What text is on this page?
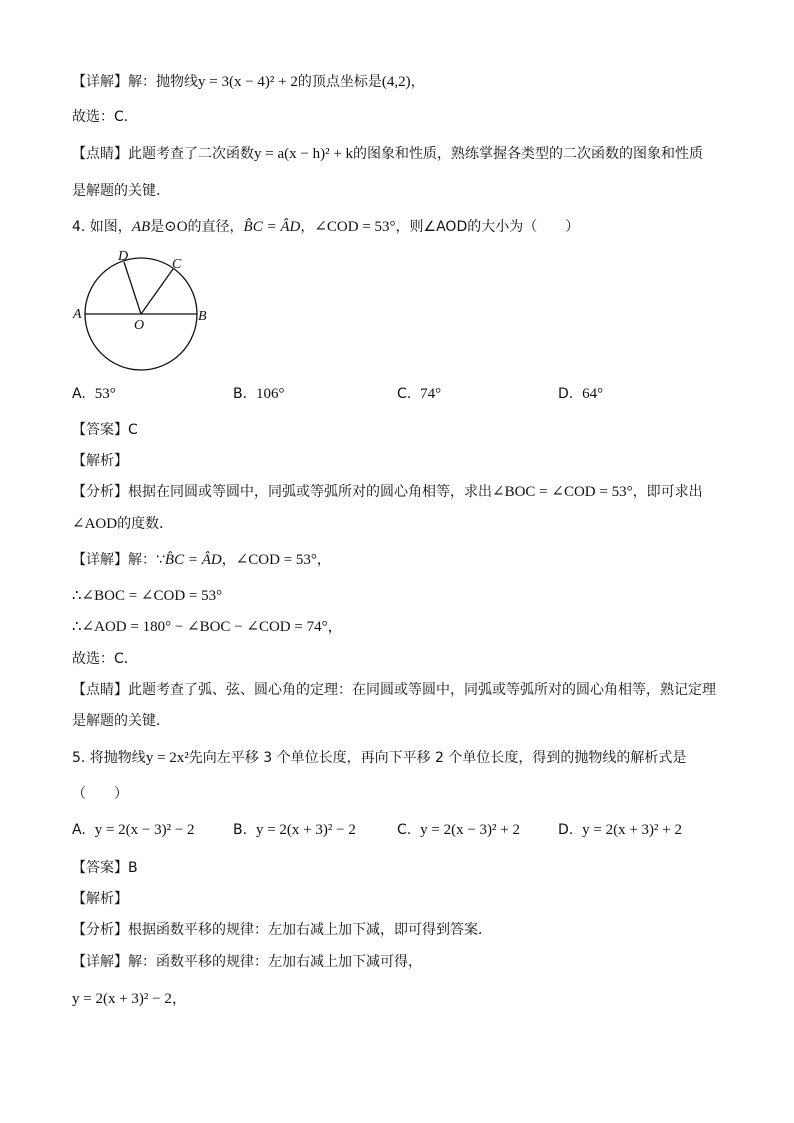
【详解】解：抛物线y = 3(x − 4)² + 2的顶点坐标是(4,2)，
故选：C．
【点睛】此题考查了二次函数y = a(x − h)² + k的图象和性质，熟练掌握各类型的二次函数的图象和性质
是解题的关键．
4. 如图，AB是⊙O的直径，B̂C = ÂD，∠COD = 53°，则∠AOD的大小为（　　）
A	B
D
C
O
A. 53°	B. 106°	C. 74°	D. 64°
【答案】C
【解析】
【分析】根据在同圆或等圆中，同弧或等弧所对的圆心角相等，求出∠BOC = ∠COD = 53°，即可求出
∠AOD的度数．
【详解】解：∵B̂C = ÂD，∠COD = 53°，
∴∠BOC = ∠COD = 53°
∴∠AOD = 180° − ∠BOC − ∠COD = 74°，
故选：C．
【点睛】此题考查了弧、弦、圆心角的定理：在同圆或等圆中，同弧或等弧所对的圆心角相等，熟记定理
是解题的关键．
5. 将抛物线y = 2x²先向左平移 3 个单位长度，再向下平移 2 个单位长度，得到的抛物线的解析式是
（　　）
A. y = 2(x − 3)² − 2	B. y = 2(x + 3)² − 2	C. y = 2(x − 3)² + 2	D. y = 2(x + 3)² + 2
【答案】B
【解析】
【分析】根据函数平移的规律：左加右减上加下减，即可得到答案．
【详解】解：函数平移的规律：左加右减上加下减可得，
y = 2(x + 3)² − 2，
